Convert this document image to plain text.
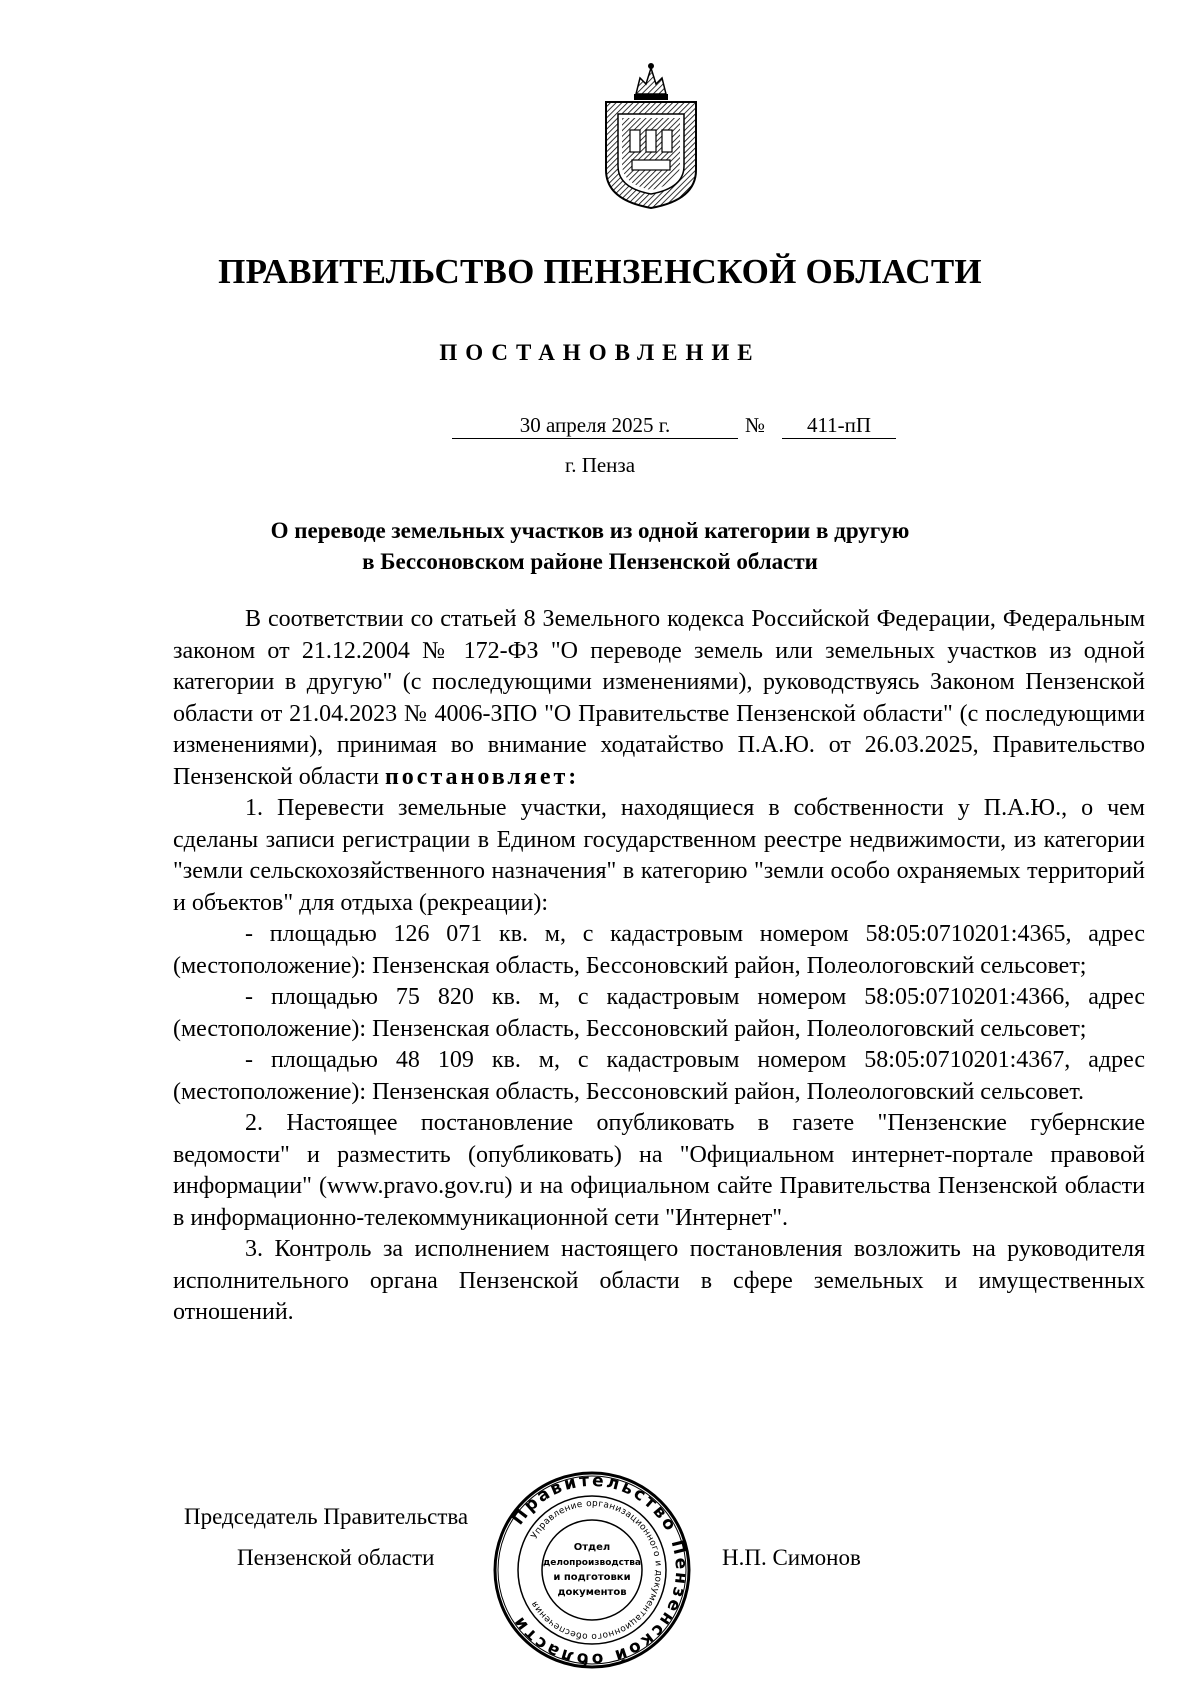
ПРАВИТЕЛЬСТВО ПЕНЗЕНСКОЙ ОБЛАСТИ
ПОСТАНОВЛЕНИЕ
30 апреля 2025 г.	№	411-пП
г. Пенза
О переводе земельных участков из одной категории в другую
в Бессоновском районе Пензенской области

В соответствии со статьей 8 Земельного кодекса Российской Федерации, Федеральным законом от 21.12.2004 № 172-ФЗ "О переводе земель или земельных участков из одной категории в другую" (с последующими изменениями), руководствуясь Законом Пензенской области от 21.04.2023 № 4006-ЗПО "О Правительстве Пензенской области" (с последующими изменениями), принимая во внимание ходатайство П.А.Ю. от 26.03.2025, Правительство Пензенской области постановляет:

1. Перевести земельные участки, находящиеся в собственности у П.А.Ю., о чем сделаны записи регистрации в Едином государственном реестре недвижимости, из категории "земли сельскохозяйственного назначения" в категорию "земли особо охраняемых территорий и объектов" для отдыха (рекреации):

- площадью 126 071 кв. м, с кадастровым номером 58:05:0710201:4365, адрес (местоположение): Пензенская область, Бессоновский район, Полеологовский сельсовет;

- площадью 75 820 кв. м, с кадастровым номером 58:05:0710201:4366, адрес (местоположение): Пензенская область, Бессоновский район, Полеологовский сельсовет;

- площадью 48 109 кв. м, с кадастровым номером 58:05:0710201:4367, адрес (местоположение): Пензенская область, Бессоновский район, Полеологовский сельсовет.

2. Настоящее постановление опубликовать в газете "Пензенские губернские ведомости" и разместить (опубликовать) на "Официальном интернет-портале правовой информации" (www.pravo.gov.ru) и на официальном сайте Правительства Пензенской области в информационно-телекоммуникационной сети "Интернет".

3. Контроль за исполнением настоящего постановления возложить на руководителя исполнительного органа Пензенской области в сфере земельных и имущественных отношений.

Председатель Правительства
Пензенской области	Н.П. Симонов
Правительство Пензенской области
Управление организационного и документационного обеспечения
Отдел
делопроизводства
и подготовки
документов
